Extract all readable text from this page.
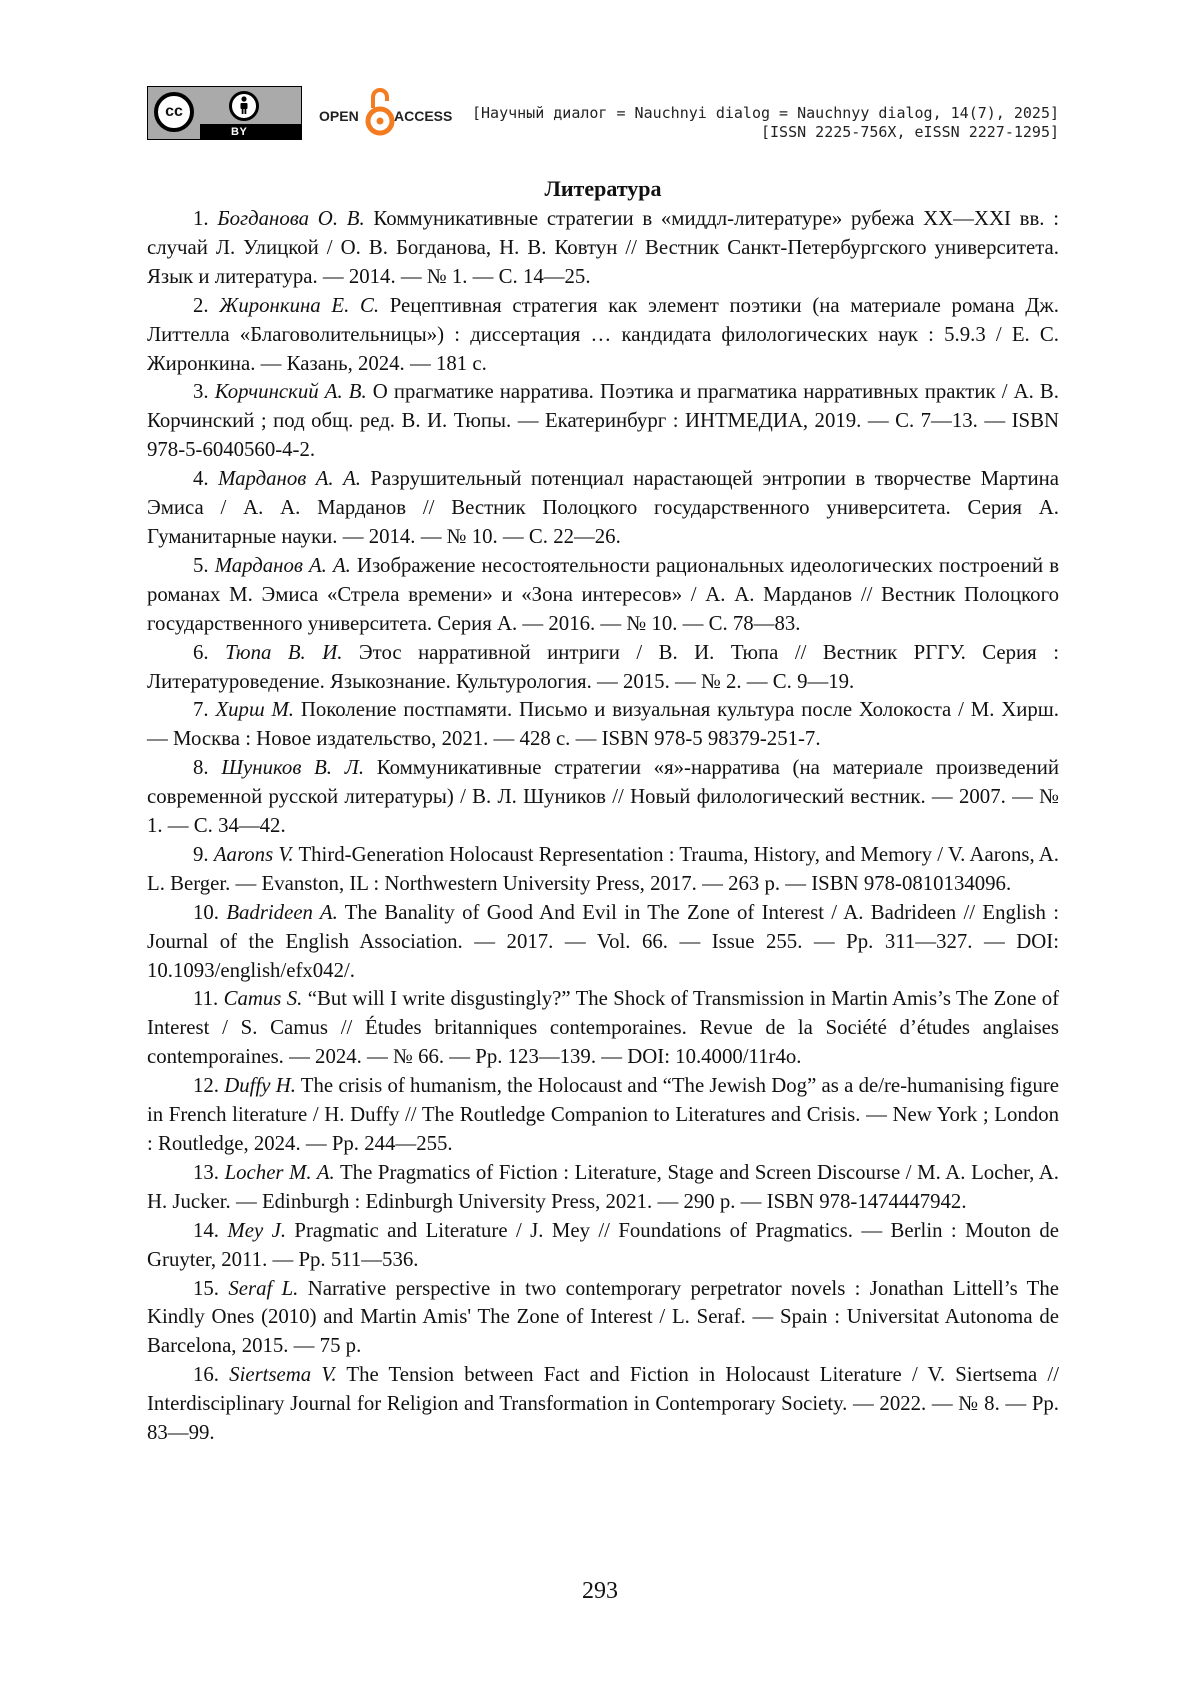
cc
BY
OPEN	ACCESS [Научный диалог = Nauchnyi dialog = Nauchnyy dialog, 14(7), 2025]
[ISSN 2225-756X, eISSN 2227-1295]
Литература

1. Богданова О. В. Коммуникативные стратегии в «миддл-литературе» рубежа XX—XXI вв. : случай Л. Улицкой / О. В. Богданова, Н. В. Ковтун // Вестник Санкт-Петербургского университета. Язык и литература. — 2014. — № 1. — С. 14—25.

2. Жиронкина Е. С. Рецептивная стратегия как элемент поэтики (на материале романа Дж. Литтелла «Благоволительницы») : диссертация … кандидата филологических наук : 5.9.3 / Е. С. Жиронкина. — Казань, 2024. — 181 с.

3. Корчинский А. В. О прагматике нарратива. Поэтика и прагматика нарративных практик / А. В. Корчинский ; под общ. ред. В. И. Тюпы. — Екатеринбург : ИНТМЕДИА, 2019. — С. 7—13. — ISBN 978-5-6040560-4-2.

4. Марданов А. А. Разрушительный потенциал нарастающей энтропии в творчестве Мартина Эмиса / А. А. Марданов // Вестник Полоцкого государственного университета. Серия А. Гуманитарные науки. — 2014. — № 10. — С. 22—26.

5. Марданов А. А. Изображение несостоятельности рациональных идеологических построений в романах М. Эмиса «Стрела времени» и «Зона интересов» / А. А. Марданов // Вестник Полоцкого государственного университета. Серия А. — 2016. — № 10. — С. 78—83.

6. Тюпа В. И. Этос нарративной интриги / В. И. Тюпа // Вестник РГГУ. Серия : Литературоведение. Языкознание. Культурология. — 2015. — № 2. — С. 9—19.

7. Хирш М. Поколение постпамяти. Письмо и визуальная культура после Холокоста / М. Хирш. — Москва : Новое издательство, 2021. — 428 с. — ISBN 978-5 98379-251-7.

8. Шуников В. Л. Коммуникативные стратегии «я»-нарратива (на материале произведений современной русской литературы) / В. Л. Шуников // Новый филологический вестник. — 2007. — № 1. — С. 34—42.

9. Aarons V. Third-Generation Holocaust Representation : Trauma, History, and Memory / V. Aarons, A. L. Berger. — Evanston, IL : Northwestern University Press, 2017. — 263 p. — ISBN 978-0810134096.

10. Badrideen A. The Banality of Good And Evil in The Zone of Interest / A. Badrideen // English : Journal of the English Association. — 2017. — Vol. 66. — Issue 255. — Pp. 311—327. — DOI: 10.1093/english/efx042/.

11. Camus S. “But will I write disgustingly?” The Shock of Transmission in Martin Amis’s The Zone of Interest / S. Camus // Études britanniques contemporaines. Revue de la Société d’études anglaises contemporaines. — 2024. — № 66. — Pp. 123—139. — DOI: 10.4000/11r4o.

12. Duffy H. The crisis of humanism, the Holocaust and “The Jewish Dog” as a de/re-humanising figure in French literature / H. Duffy // The Routledge Companion to Literatures and Crisis. — New York ; London : Routledge, 2024. — Pp. 244—255.

13. Locher M. A. The Pragmatics of Fiction : Literature, Stage and Screen Discourse / M. A. Locher, A. H. Jucker. — Edinburgh : Edinburgh University Press, 2021. — 290 p. — ISBN 978-1474447942.

14. Mey J. Pragmatic and Literature / J. Mey // Foundations of Pragmatics. — Berlin : Mouton de Gruyter, 2011. — Pp. 511—536.

15. Seraf L. Narrative perspective in two contemporary perpetrator novels : Jonathan Littell’s The Kindly Ones (2010) and Martin Amis' The Zone of Interest / L. Seraf. — Spain : Universitat Autonoma de Barcelona, 2015. — 75 p.

16. Siertsema V. The Tension between Fact and Fiction in Holocaust Literature / V. Siertsema // Interdisciplinary Journal for Religion and Transformation in Contemporary Society. — 2022. — № 8. — Pp. 83—99.

293
